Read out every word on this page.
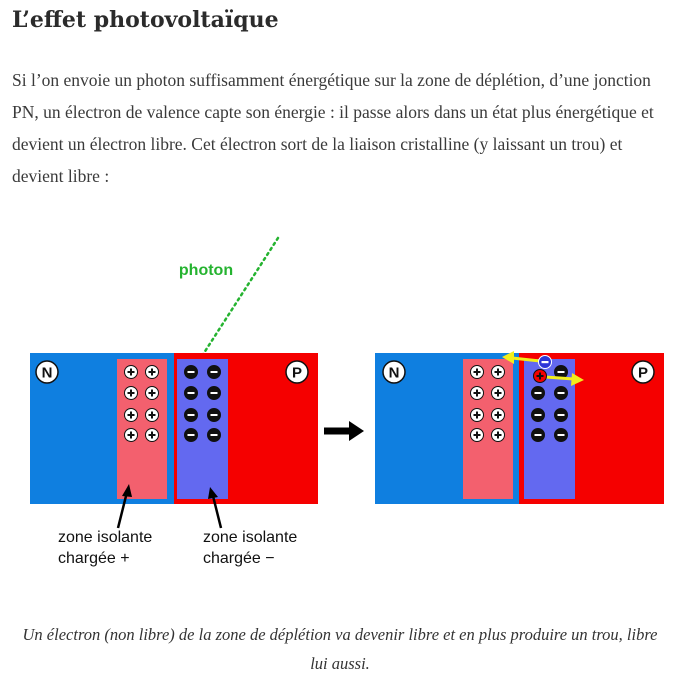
L’effet photovoltaïque

Si l’on envoie un photon suffisamment énergétique sur la zone de déplétion, d’une jonction PN, un électron de valence capte son énergie : il passe alors dans un état plus énergétique et devient un électron libre. Cet électron sort de la liaison cristalline (y laissant un trou) et devient libre :

photon
N	P	N	P
zone isolante
chargée +
zone isolante
chargée −

Un électron (non libre) de la zone de déplétion va devenir libre et en plus produire un trou, libre lui aussi.
